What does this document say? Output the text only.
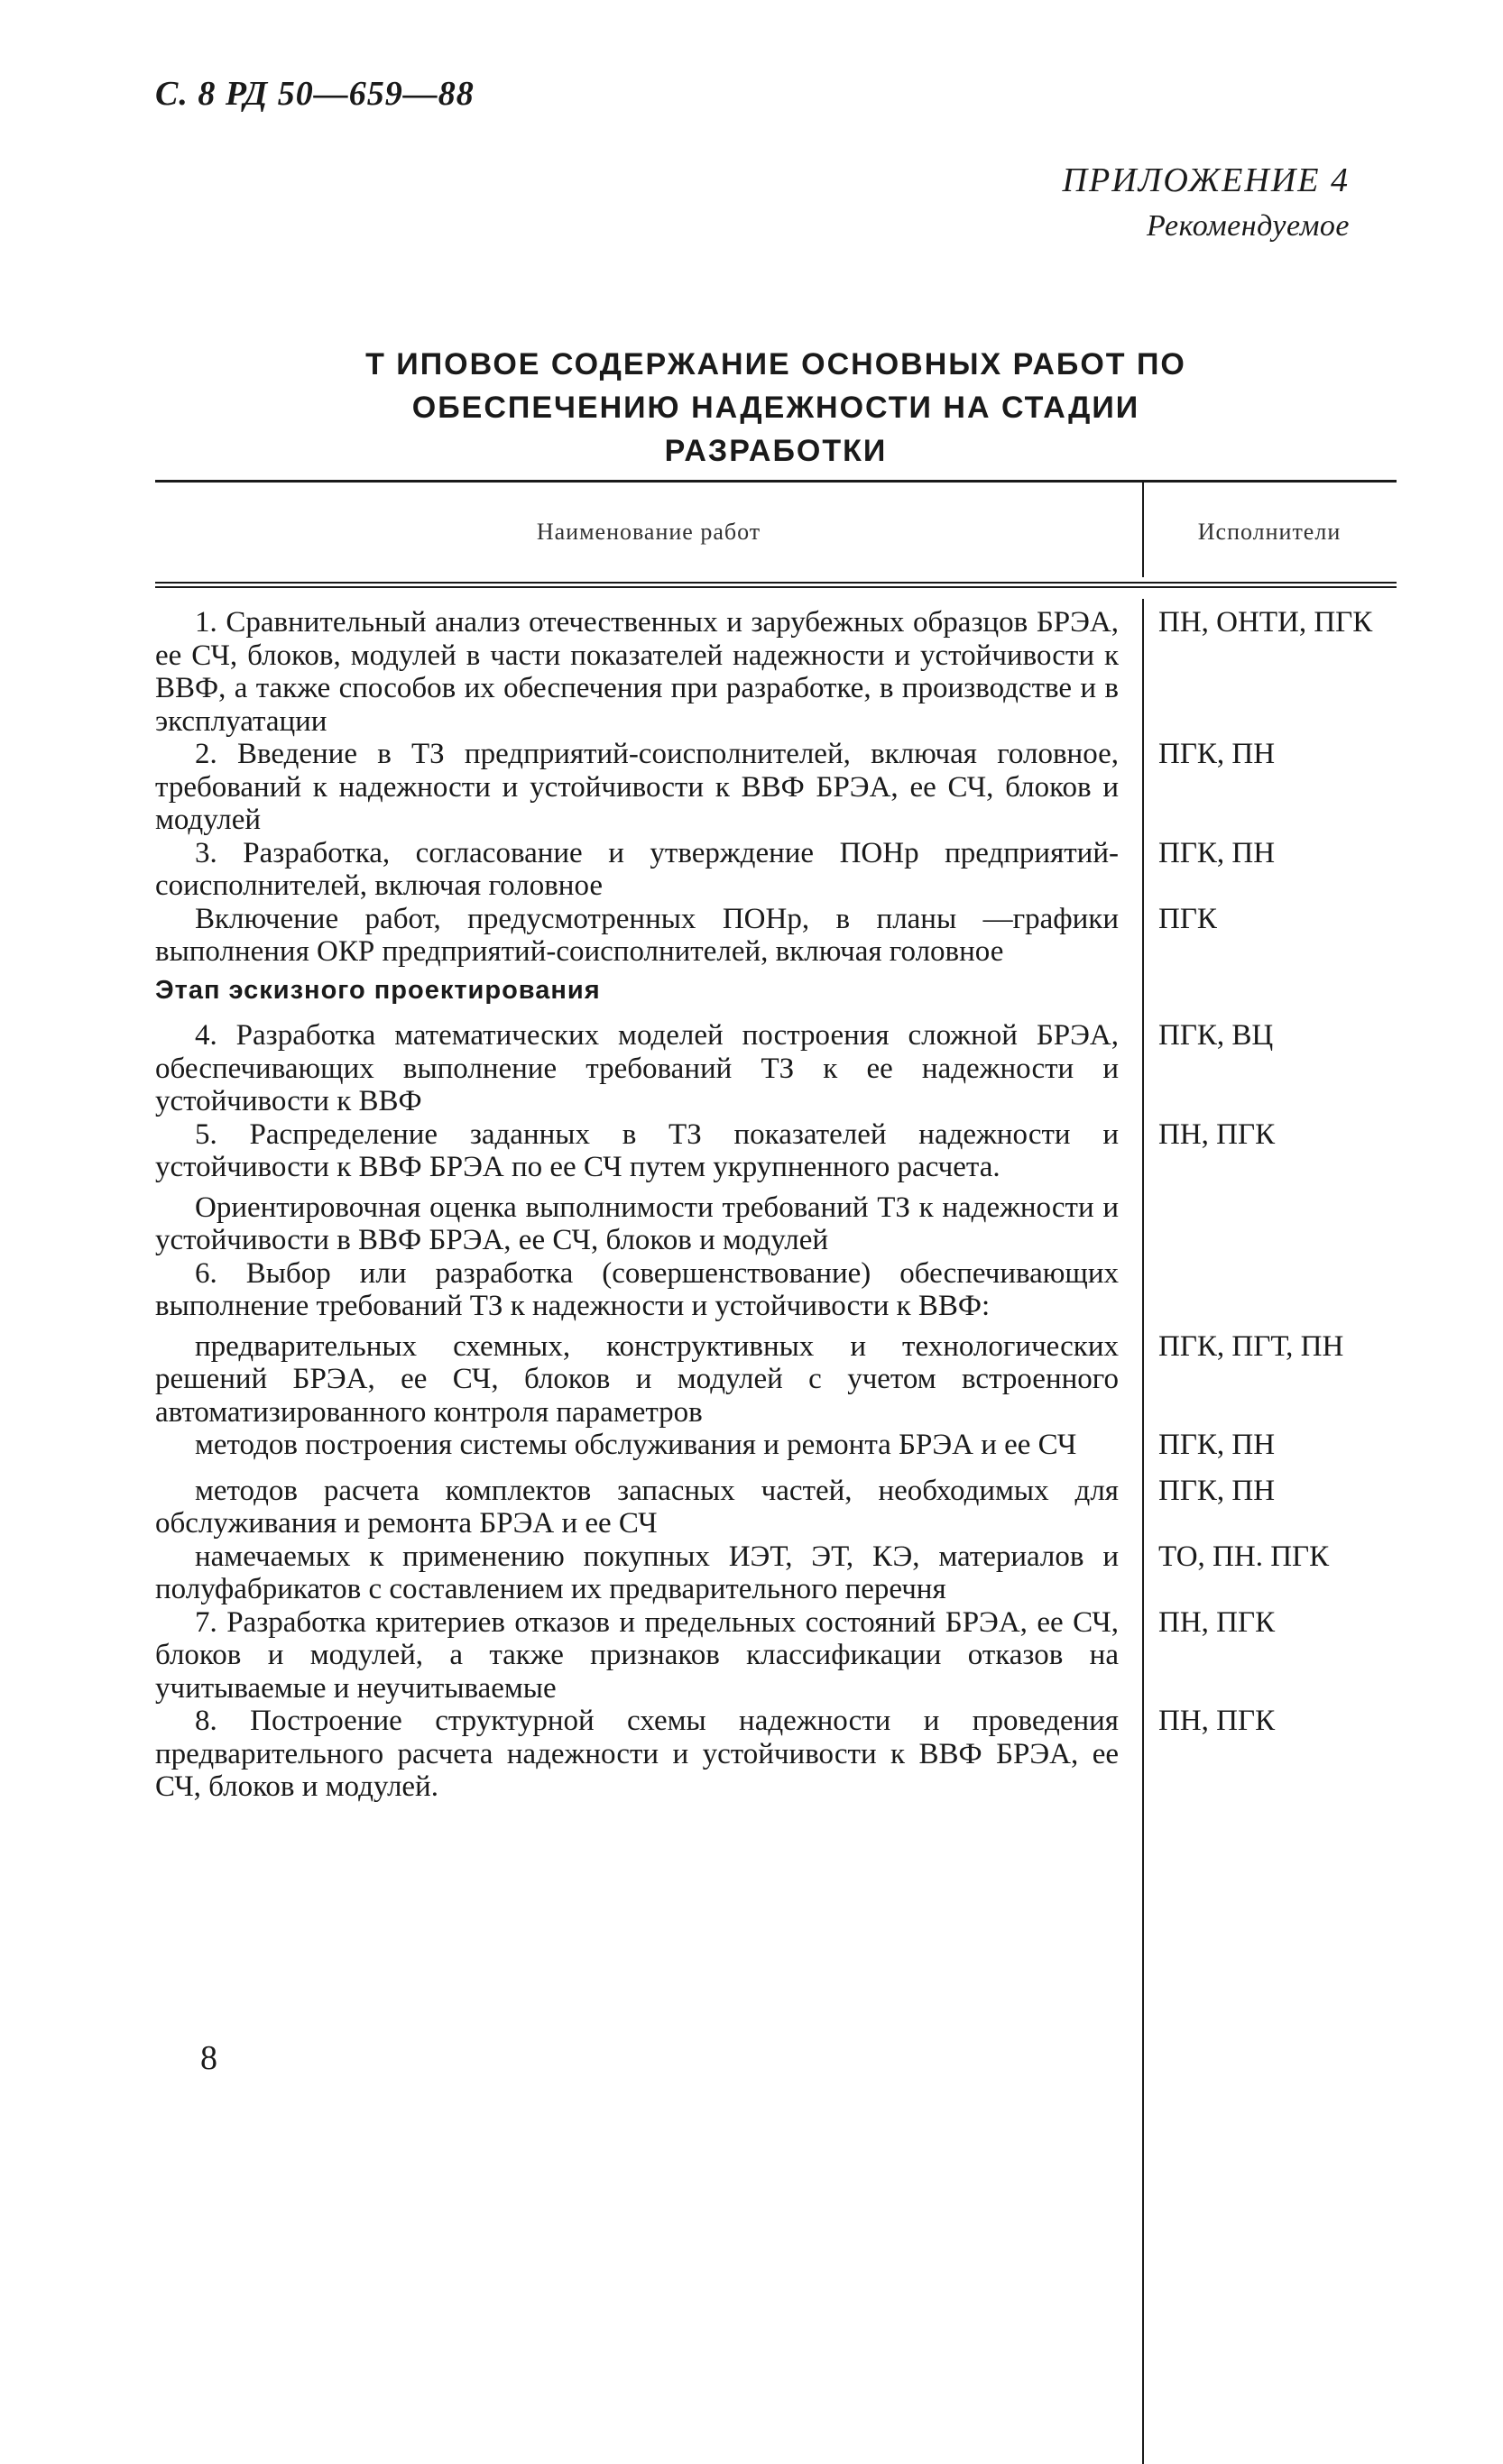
С. 8 РД 50—659—88
ПРИЛОЖЕНИЕ 4
Рекомендуемое
Т ИПОВОЕ СОДЕРЖАНИЕ ОСНОВНЫХ РАБОТ ПО
ОБЕСПЕЧЕНИЮ НАДЕЖНОСТИ НА СТАДИИ
РАЗРАБОТКИ
Наименование работ	Исполнители
1. Сравнительный анализ отечественных и зарубежных образцов БРЭА, ее СЧ, блоков, модулей в части показателей надежности и устойчивости к ВВФ, а также способов их обеспечения при разработке, в производстве и в эксплуатации
ПН, ОНТИ, ПГК
2. Введение в ТЗ предприятий-соисполнителей, включая головное, требований к надежности и устойчивости к ВВФ БРЭА, ее СЧ, блоков и модулей
ПГК, ПН
3. Разработка, согласование и утверждение ПОНр предприятий-соисполнителей, включая головное
ПГК, ПН
Включение работ, предусмотренных ПОНр, в планы —графики выполнения ОКР предприятий-соисполнителей, включая головное
ПГК
Этап эскизного проектирования
4. Разработка математических моделей построения сложной БРЭА, обеспечивающих выполнение требований ТЗ к ее надежности и устойчивости к ВВФ
ПГК, ВЦ
5. Распределение заданных в ТЗ показателей надежности и устойчивости к ВВФ БРЭА по ее СЧ путем укрупненного расчета.
ПН, ПГК
Ориентировочная оценка выполнимости требований ТЗ к надежности и устойчивости в ВВФ БРЭА, ее СЧ, блоков и модулей
6. Выбор или разработка (совершенствование) обеспечивающих выполнение требований ТЗ к надежности и устойчивости к ВВФ:
предварительных схемных, конструктивных и технологических решений БРЭА, ее СЧ, блоков и модулей с учетом встроенного автоматизированного контроля параметров
ПГК, ПГТ, ПН
методов построения системы обслуживания и ремонта БРЭА и ее СЧ	ПГК, ПН
методов расчета комплектов запасных частей, необходимых для обслуживания и ремонта БРЭА и ее СЧ
ПГК, ПН
намечаемых к применению покупных ИЭТ, ЭТ, КЭ, материалов и полуфабрикатов с составлением их предварительного перечня
ТО, ПН. ПГК
7. Разработка критериев отказов и предельных состояний БРЭА, ее СЧ, блоков и модулей, а также признаков классификации отказов на учитываемые и неучитываемые
ПН, ПГК
8. Построение структурной схемы надежности и проведения предварительного расчета надежности и устойчивости к ВВФ БРЭА, ее СЧ, блоков и модулей.
ПН, ПГК
8
